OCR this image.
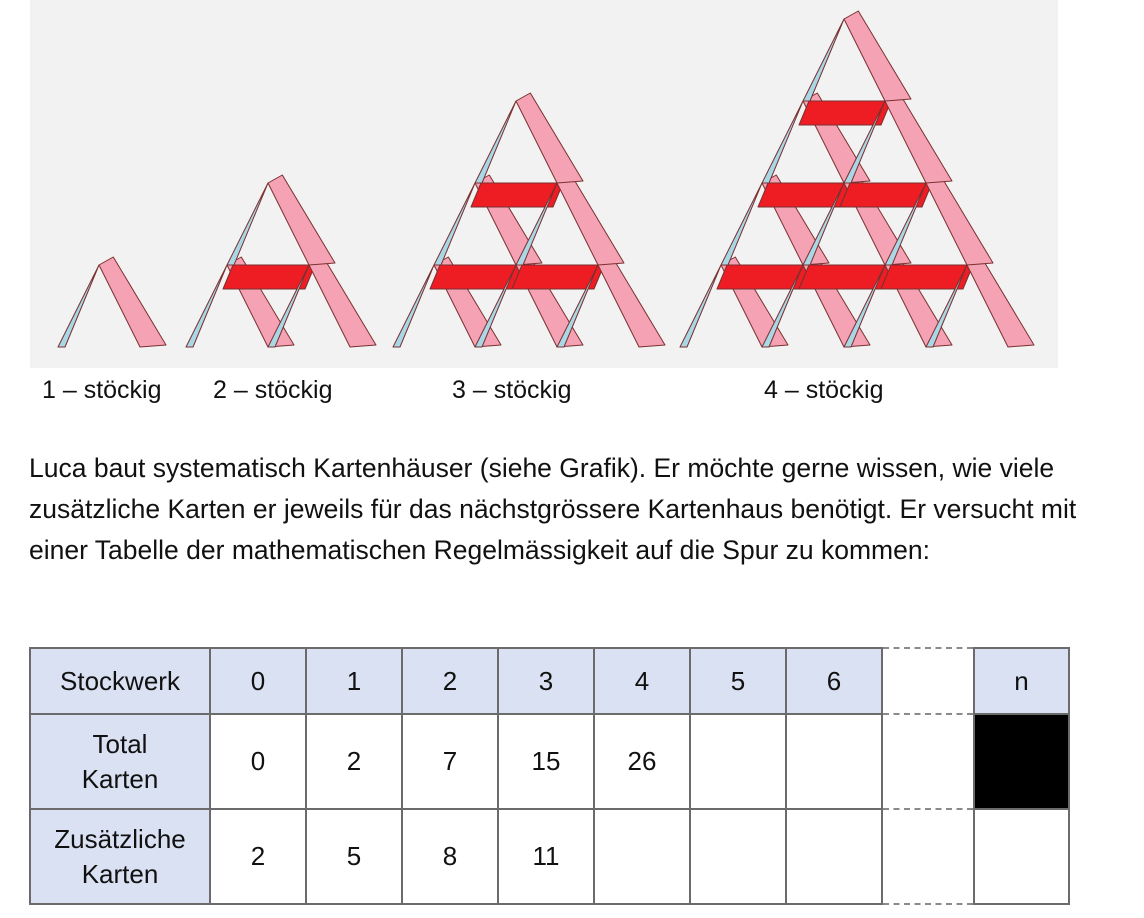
1 – stöckig 2 – stöckig	3 – stöckig	4 – stöckig

Luca baut systematisch Kartenhäuser (siehe Grafik). Er möchte gerne wissen, wie viele zusätzliche Karten er jeweils für das nächstgrössere Kartenhaus benötigt. Er versucht mit einer Tabelle der mathematischen Regelmässigkeit auf die Spur zu kommen:

Stockwerk	0	1	2	3	4	5	6		n
Total Karten	0	2	7	15	26				
Zusätzliche Karten	2	5	8	11					
